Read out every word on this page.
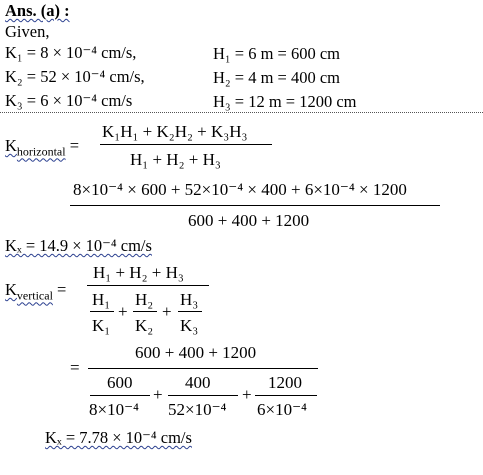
Ans. (a) :
Given,
K₁ = 8 × 10⁻⁴ cm/s,	H₁ = 6 m = 600 cm
K₂ = 52 × 10⁻⁴ cm/s,	H₂ = 4 m = 400 cm
K₃ = 6 × 10⁻⁴ cm/s	H₃ = 12 m = 1200 cm
$K_{horizontal}$ =
K₁H₁ + K₂H₂ + K₃H₃
H₁ + H₂ + H₃
8×10⁻⁴ × 600 + 52×10⁻⁴ × 400 + 6×10⁻⁴ × 1200
600 + 400 + 1200
Kₓ = 14.9 × 10⁻⁴ cm/s
$K_{vertical}$ =
H₁ + H₂ + H₃
H₁
K₁
+
H₂
K₂
+
H₃
K₃
=
600 + 400 + 1200
600
8×10⁻⁴
+
400
52×10⁻⁴
+
1200
6×10⁻⁴
Kₓ = 7.78 × 10⁻⁴ cm/s
